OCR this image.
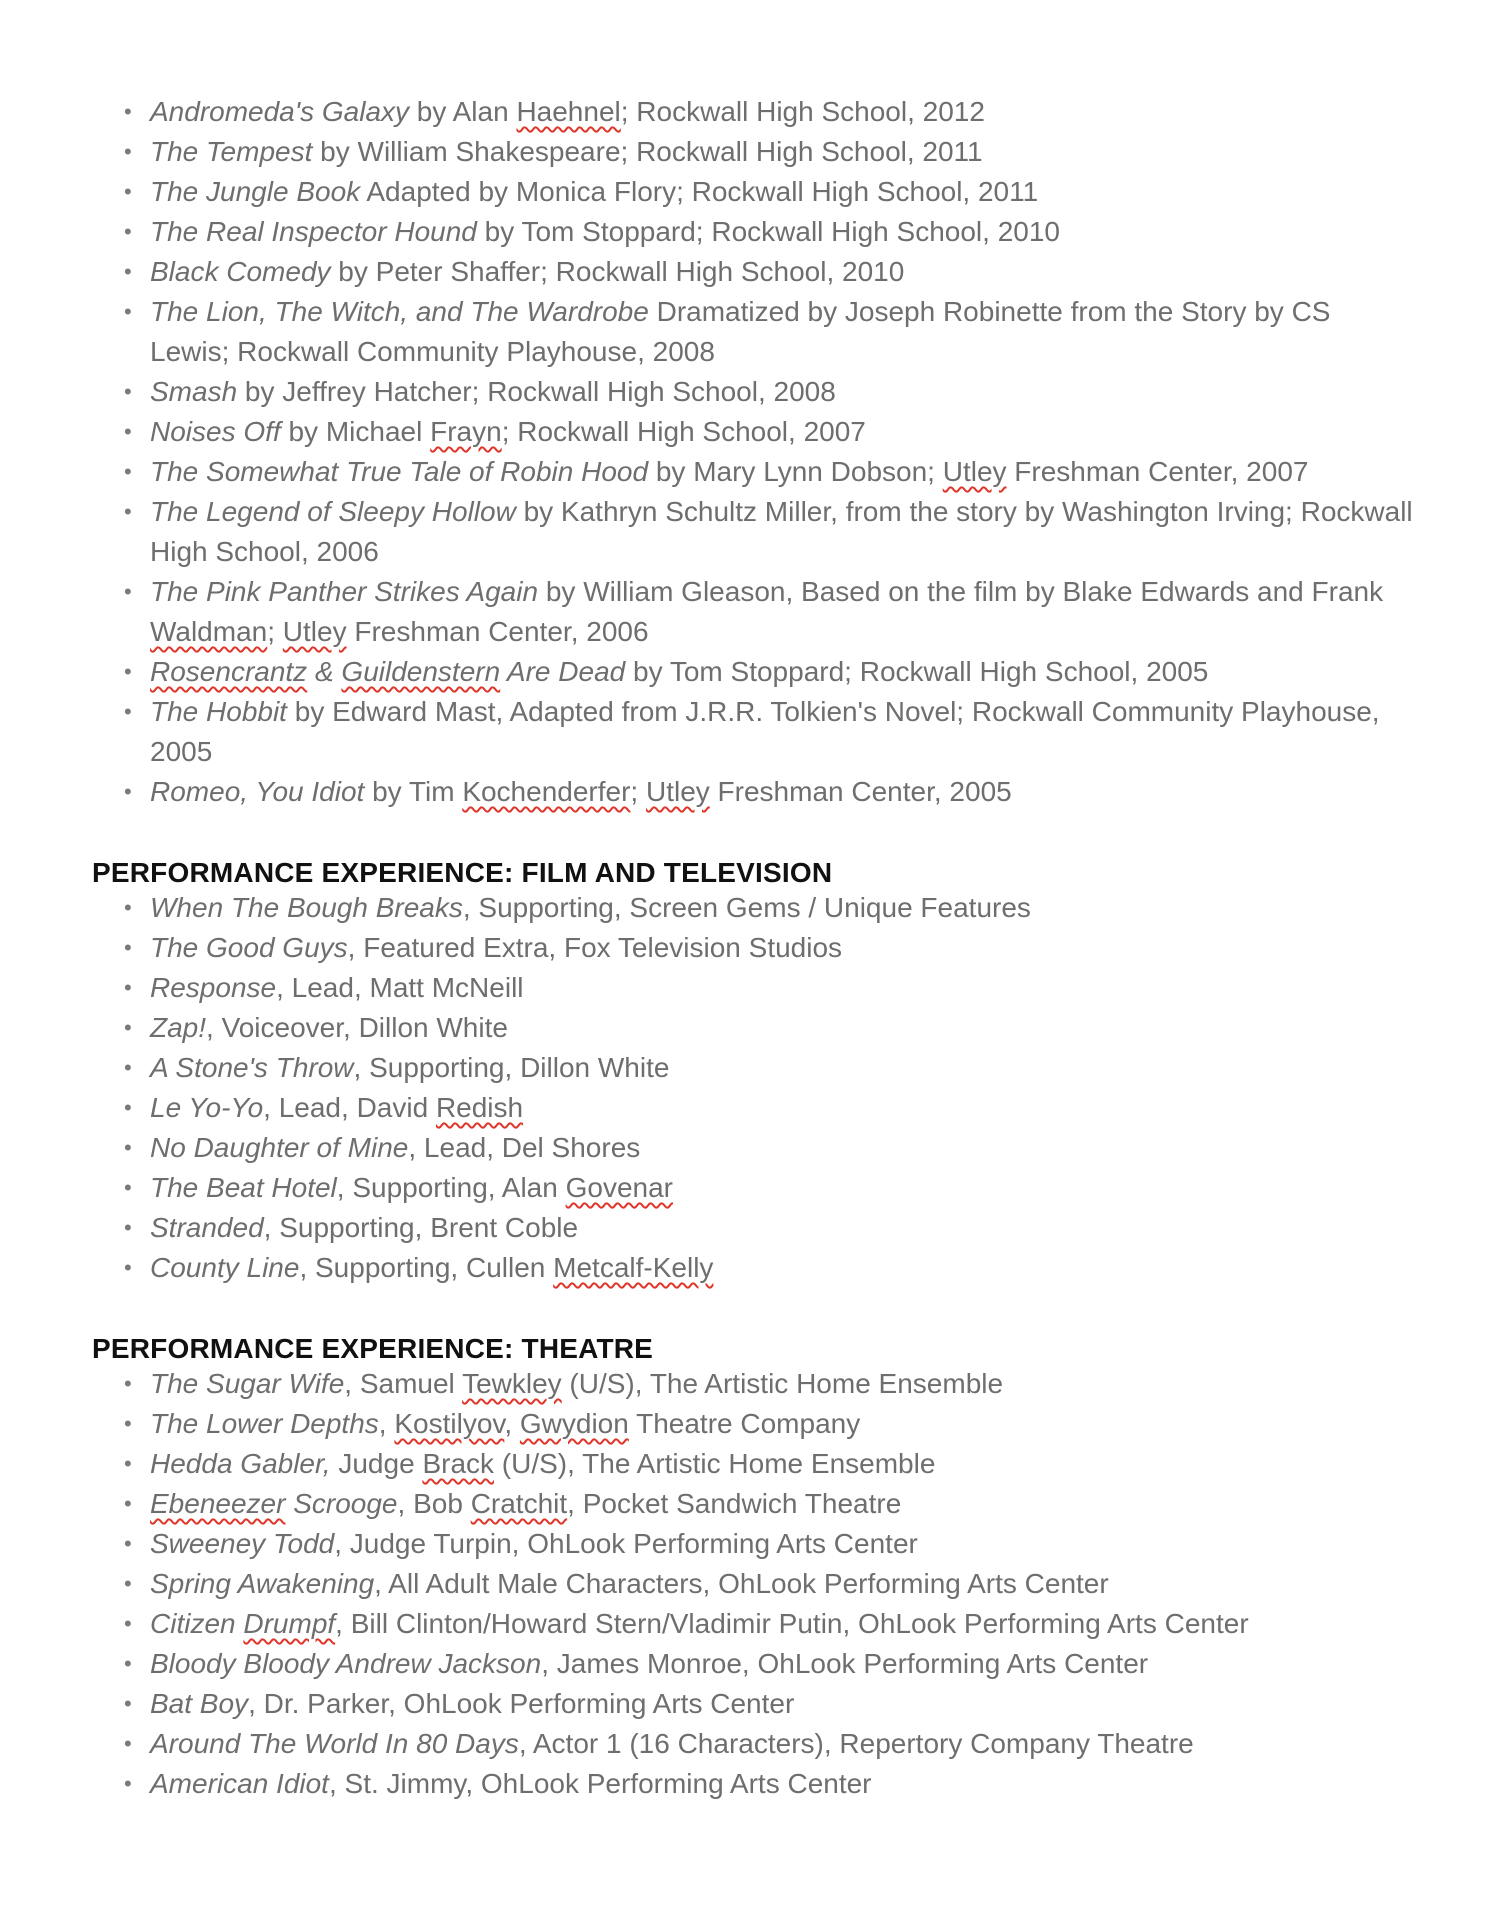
• Andromeda's Galaxy by Alan Haehnel; Rockwall High School, 2012
• The Tempest by William Shakespeare; Rockwall High School, 2011
• The Jungle Book Adapted by Monica Flory; Rockwall High School, 2011
• The Real Inspector Hound by Tom Stoppard; Rockwall High School, 2010
• Black Comedy by Peter Shaffer; Rockwall High School, 2010
• The Lion, The Witch, and The Wardrobe Dramatized by Joseph Robinette from the Story by CS Lewis; Rockwall Community Playhouse, 2008
• Smash by Jeffrey Hatcher; Rockwall High School, 2008
• Noises Off by Michael Frayn; Rockwall High School, 2007
• The Somewhat True Tale of Robin Hood by Mary Lynn Dobson; Utley Freshman Center, 2007
• The Legend of Sleepy Hollow by Kathryn Schultz Miller, from the story by Washington Irving; Rockwall High School, 2006
• The Pink Panther Strikes Again by William Gleason, Based on the film by Blake Edwards and Frank Waldman; Utley Freshman Center, 2006
• Rosencrantz & Guildenstern Are Dead by Tom Stoppard; Rockwall High School, 2005
• The Hobbit by Edward Mast, Adapted from J.R.R. Tolkien's Novel; Rockwall Community Playhouse, 2005
• Romeo, You Idiot by Tim Kochenderfer; Utley Freshman Center, 2005
PERFORMANCE EXPERIENCE: FILM AND TELEVISION
• When The Bough Breaks, Supporting, Screen Gems / Unique Features
• The Good Guys, Featured Extra, Fox Television Studios
• Response, Lead, Matt McNeill
• Zap!, Voiceover, Dillon White
• A Stone's Throw, Supporting, Dillon White
• Le Yo-Yo, Lead, David Redish
• No Daughter of Mine, Lead, Del Shores
• The Beat Hotel, Supporting, Alan Govenar
• Stranded, Supporting, Brent Coble
• County Line, Supporting, Cullen Metcalf-Kelly
PERFORMANCE EXPERIENCE: THEATRE
• The Sugar Wife, Samuel Tewkley (U/S), The Artistic Home Ensemble
• The Lower Depths, Kostilyov, Gwydion Theatre Company
• Hedda Gabler, Judge Brack (U/S), The Artistic Home Ensemble
• Ebeneezer Scrooge, Bob Cratchit, Pocket Sandwich Theatre
• Sweeney Todd, Judge Turpin, OhLook Performing Arts Center
• Spring Awakening, All Adult Male Characters, OhLook Performing Arts Center
• Citizen Drumpf, Bill Clinton/Howard Stern/Vladimir Putin, OhLook Performing Arts Center
• Bloody Bloody Andrew Jackson, James Monroe, OhLook Performing Arts Center
• Bat Boy, Dr. Parker, OhLook Performing Arts Center
• Around The World In 80 Days, Actor 1 (16 Characters), Repertory Company Theatre
• American Idiot, St. Jimmy, OhLook Performing Arts Center
